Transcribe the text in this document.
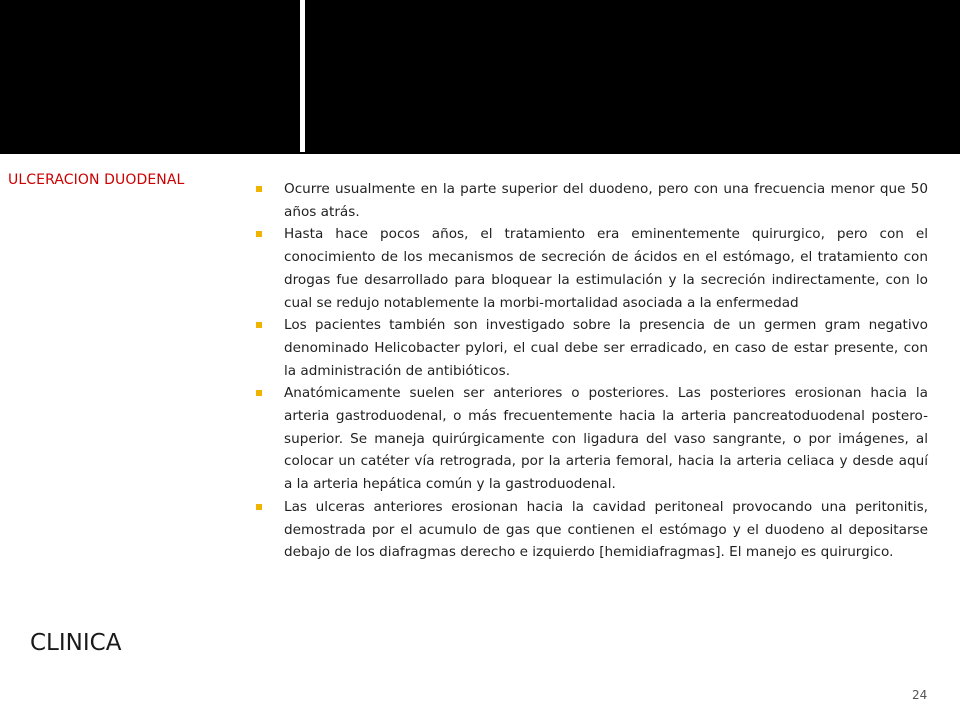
ULCERACION DUODENAL
Ocurre usualmente en la parte superior del duodeno, pero con una frecuencia menor que 50 años atrás.
Hasta hace pocos años, el tratamiento era eminentemente quirurgico, pero con el conocimiento de los mecanismos de secreción de ácidos en el estómago, el tratamiento con drogas fue desarrollado para bloquear la estimulación y la secreción indirectamente, con lo cual se redujo notablemente la morbi-mortalidad asociada a la enfermedad
Los pacientes también son investigado sobre la presencia de un germen gram negativo denominado Helicobacter pylori, el cual debe ser erradicado, en caso de estar presente, con la administración de antibióticos.
Anatómicamente suelen ser anteriores o posteriores. Las posteriores erosionan hacia la arteria gastroduodenal, o más frecuentemente hacia la arteria pancreatoduodenal postero-superior. Se maneja quirúrgicamente con ligadura del vaso sangrante, o por imágenes, al colocar un catéter vía retrograda, por la arteria femoral, hacia la arteria celiaca y desde aquí a la arteria hepática común y la gastroduodenal.
Las ulceras anteriores erosionan hacia la cavidad peritoneal provocando una peritonitis, demostrada por el acumulo de gas que contienen el estómago y el duodeno al depositarse debajo de los diafragmas derecho e izquierdo [hemidiafragmas]. El manejo es quirurgico.
CLINICA
24
